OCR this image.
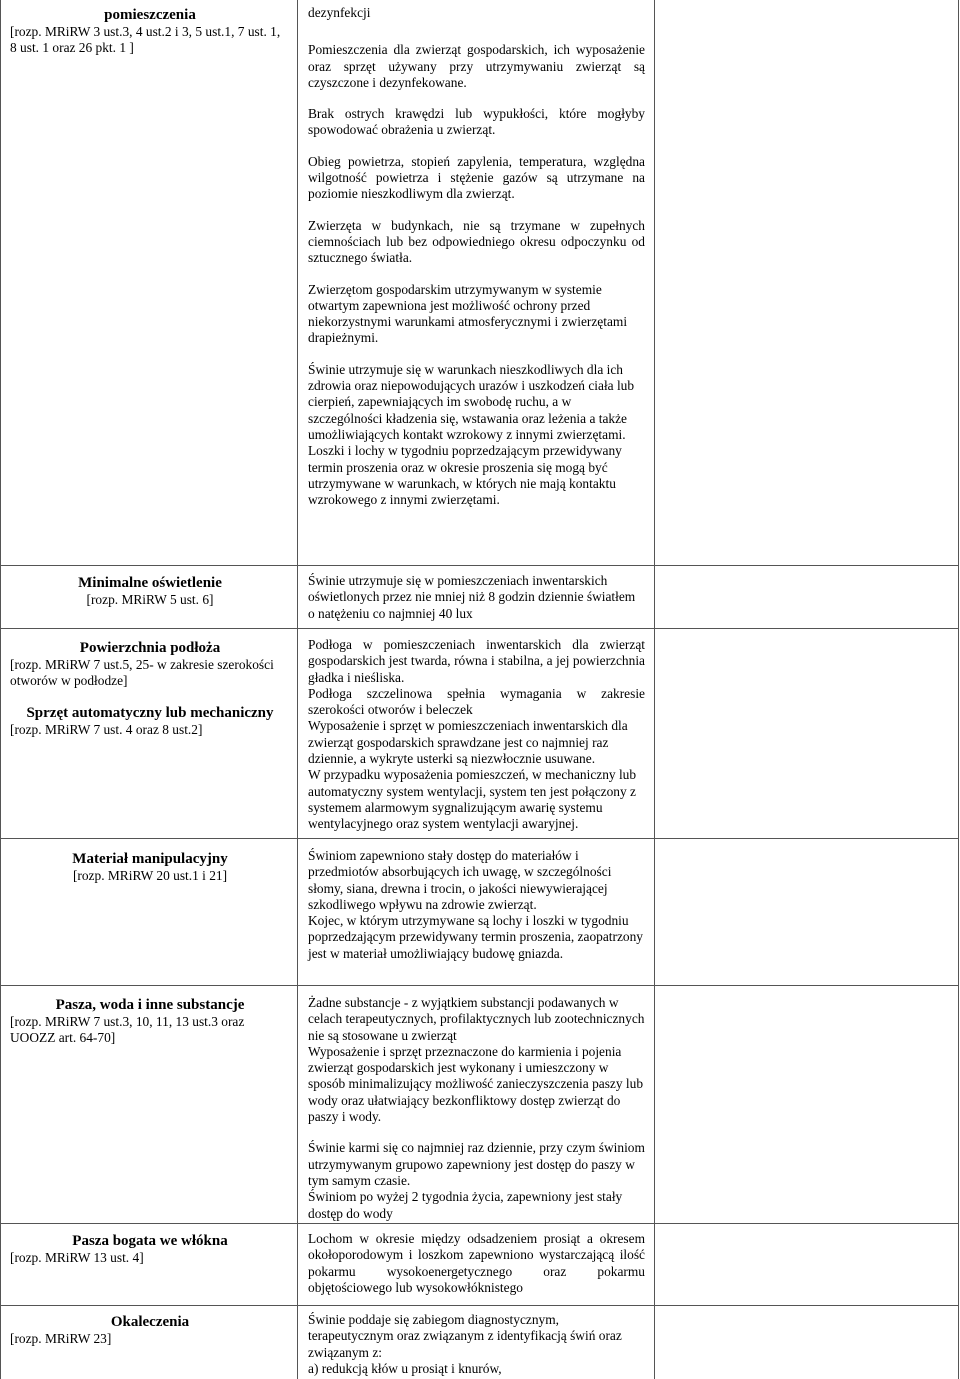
pomieszczenia

[rozp. MRiRW 3 ust.3, 4 ust.2 i 3, 5 ust.1, 7 ust. 1, 8 ust. 1 oraz 26 pkt. 1 ]

dezynfekcji

Pomieszczenia dla zwierząt gospodarskich, ich wyposażenie oraz sprzęt używany przy utrzymywaniu zwierząt są czyszczone i dezynfekowane.

Brak ostrych krawędzi lub wypukłości, które mogłyby spowodować obrażenia u zwierząt.

Obieg powietrza, stopień zapylenia, temperatura, względna wilgotność powietrza i stężenie gazów są utrzymane na poziomie nieszkodliwym dla zwierząt.

Zwierzęta w budynkach, nie są trzymane w zupełnych ciemnościach lub bez odpowiedniego okresu odpoczynku od sztucznego światła.

Zwierzętom gospodarskim utrzymywanym w systemie otwartym zapewniona jest możliwość ochrony przed niekorzystnymi warunkami atmosferycznymi i zwierzętami drapieżnymi.

Świnie utrzymuje się w warunkach nieszkodliwych dla ich zdrowia oraz niepowodujących urazów i uszkodzeń ciała lub cierpień, zapewniających im swobodę ruchu, a w szczególności kładzenia się, wstawania oraz leżenia a także umożliwiających kontakt wzrokowy z innymi zwierzętami.

Loszki i lochy w tygodniu poprzedzającym przewidywany termin proszenia oraz w okresie proszenia się mogą być utrzymywane w warunkach, w których nie mają kontaktu wzrokowego z innymi zwierzętami.

Minimalne oświetlenie

[rozp. MRiRW 5 ust. 6]

Świnie utrzymuje się w pomieszczeniach inwentarskich oświetlonych przez nie mniej niż 8 godzin dziennie światłem o natężeniu co najmniej 40 lux

Powierzchnia podłoża

[rozp. MRiRW 7 ust.5, 25- w zakresie szerokości otworów w podłodze]

Sprzęt automatyczny lub mechaniczny

[rozp. MRiRW 7 ust. 4 oraz 8 ust.2]

Podłoga w pomieszczeniach inwentarskich dla zwierząt gospodarskich jest twarda, równa i stabilna, a jej powierzchnia gładka i nieśliska.

Podłoga szczelinowa spełnia wymagania w zakresie szerokości otworów i beleczek

Wyposażenie i sprzęt w pomieszczeniach inwentarskich dla zwierząt gospodarskich sprawdzane jest co najmniej raz dziennie, a wykryte usterki są niezwłocznie usuwane.

W przypadku wyposażenia pomieszczeń, w mechaniczny lub automatyczny system wentylacji, system ten jest połączony z systemem alarmowym sygnalizującym awarię systemu wentylacyjnego oraz system wentylacji awaryjnej.

Materiał manipulacyjny

[rozp. MRiRW 20 ust.1 i 21]

Świniom zapewniono stały dostęp do materiałów i przedmiotów absorbujących ich uwagę, w szczególności słomy, siana, drewna i trocin, o jakości niewywierającej szkodliwego wpływu na zdrowie zwierząt.

Kojec, w którym utrzymywane są lochy i loszki w tygodniu poprzedzającym przewidywany termin proszenia, zaopatrzony jest w materiał umożliwiający budowę gniazda.

Pasza, woda i inne substancje

[rozp. MRiRW 7 ust.3, 10, 11, 13 ust.3 oraz UOOZZ art. 64-70]

Żadne substancje - z wyjątkiem substancji podawanych w celach terapeutycznych, profilaktycznych lub zootechnicznych nie są stosowane u zwierząt

Wyposażenie i sprzęt przeznaczone do karmienia i pojenia zwierząt gospodarskich jest wykonany i umieszczony w sposób minimalizujący możliwość zanieczyszczenia paszy lub wody oraz ułatwiający bezkonfliktowy dostęp zwierząt do paszy i wody.

Świnie karmi się co najmniej raz dziennie, przy czym świniom utrzymywanym grupowo zapewniony jest dostęp do paszy w tym samym czasie.

Świniom po wyżej 2 tygodnia życia, zapewniony jest stały dostęp do wody

Pasza bogata we włókna

[rozp. MRiRW 13 ust. 4]

Lochom w okresie między odsadzeniem prosiąt a okresem okołoporodowym i loszkom zapewniono wystarczającą ilość pokarmu wysokoenergetycznego oraz pokarmu objętościowego lub wysokowłóknistego

Okaleczenia

[rozp. MRiRW 23]

Świnie poddaje się zabiegom diagnostycznym, terapeutycznym oraz związanym z identyfikacją świń oraz związanym z:

a) redukcją kłów u prosiąt i knurów,
